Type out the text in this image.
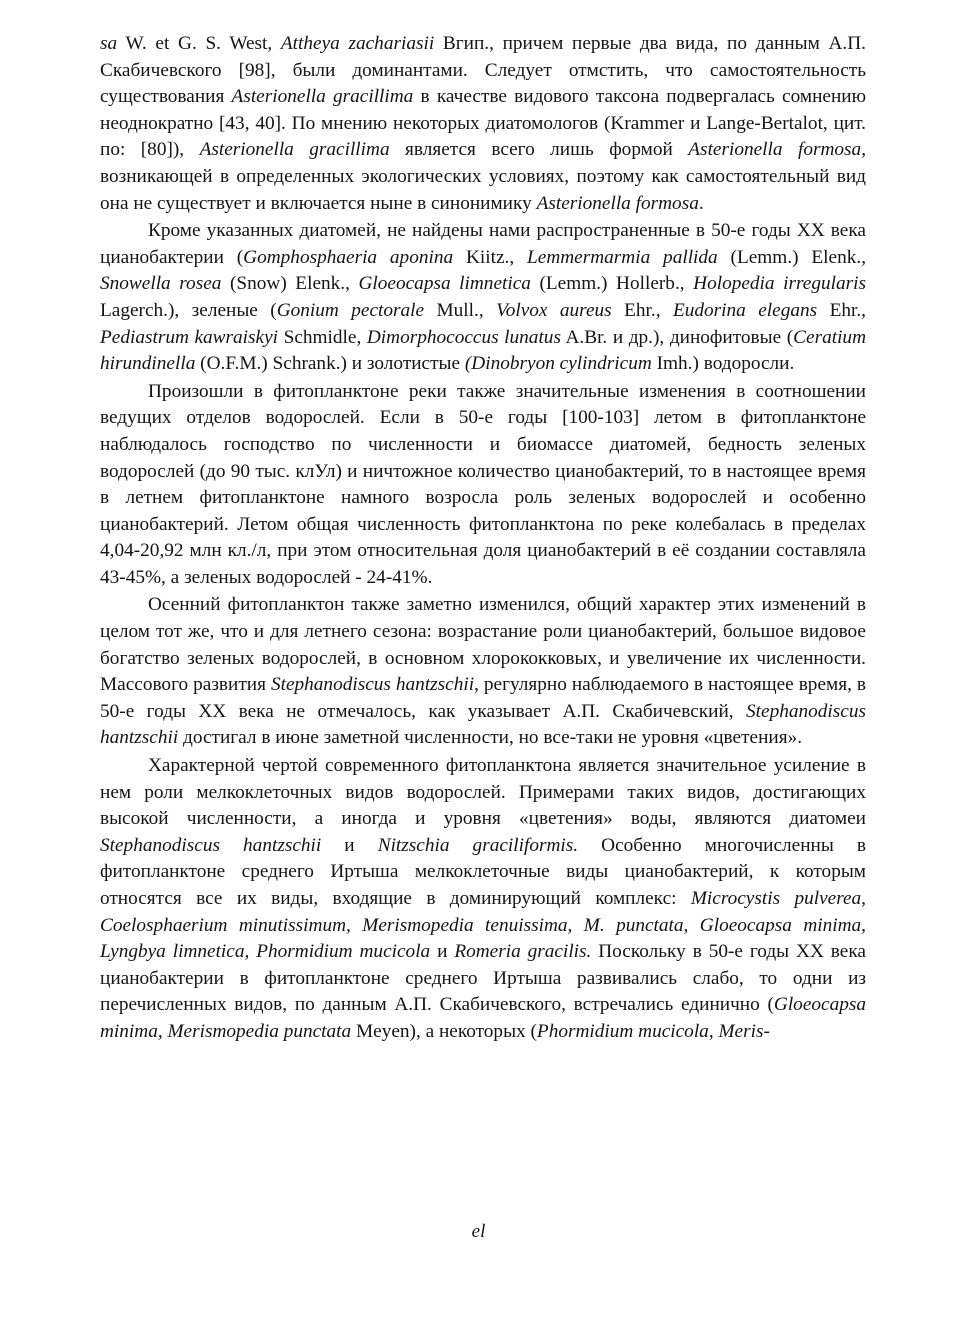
sa W. et G. S. West, Attheya zachariasii Вгип., причем первые два вида, по данным А.П. Скабичевского [98], были доминантами. Следует отмстить, что самостоятельность существования Asterionella gracillima в качестве видового таксона подвергалась сомнению неоднократно [43, 40]. По мнению некоторых диатомологов (Krammer и Lange-Bertalot, цит. по: [80]), Asterionella gracillima является всего лишь формой Asterionella formosa, возникающей в определенных экологических условиях, поэтому как самостоятельный вид она не существует и включается ныне в синонимику Asterionella formosa.

Кроме указанных диатомей, не найдены нами распространенные в 50-е годы XX века цианобактерии (Gomphosphaeria aponina Kiitz., Lemmermarmia pallida (Lemm.) Elenk., Snowella rosea (Snow) Elenk., Gloeocapsa limnetica (Lemm.) Hollerb., Holopedia irregularis Lagerch.), зеленые (Gonium pectorale Mull., Volvox aureus Ehr., Eudorina elegans Ehr., Pediastrum kawraiskyi Schmidle, Dimorphococcus lunatus A.Br. и др.), динофитовые (Ceratium hirundinella (O.F.M.) Schrank.) и золотистые (Dinobryon cylindricum Imh.) водоросли.

Произошли в фитопланктоне реки также значительные изменения в соотношении ведущих отделов водорослей. Если в 50-е годы [100-103] летом в фитопланктоне наблюдалось господство по численности и биомассе диатомей, бедность зеленых водорослей (до 90 тыс. клУл) и ничтожное количество цианобактерий, то в настоящее время в летнем фитопланктоне намного возросла роль зеленых водорослей и особенно цианобактерий. Летом общая численность фитопланктона по реке колебалась в пределах 4,04-20,92 млн кл./л, при этом относительная доля цианобактерий в её создании составляла 43-45%, а зеленых водорослей - 24-41%.

Осенний фитопланктон также заметно изменился, общий характер этих изменений в целом тот же, что и для летнего сезона: возрастание роли цианобактерий, большое видовое богатство зеленых водорослей, в основном хлорококковых, и увеличение их численности. Массового развития Stephanodiscus hantzschii, регулярно наблюдаемого в настоящее время, в 50-е годы XX века не отмечалось, как указывает А.П. Скабичевский, Stephanodiscus hantzschii достигал в июне заметной численности, но все-таки не уровня «цветения».

Характерной чертой современного фитопланктона является значительное усиление в нем роли мелкоклеточных видов водорослей. Примерами таких видов, достигающих высокой численности, а иногда и уровня «цветения» воды, являются диатомеи Stephanodiscus hantzschii и Nitzschia graciliformis. Особенно многочисленны в фитопланктоне среднего Иртыша мелкоклеточные виды цианобактерий, к которым относятся все их виды, входящие в доминирующий комплекс: Microcystis pulverea, Coelosphaerium minutissimum, Merismopedia tenuissima, M. punctata, Gloeocapsa minima, Lyngbya limnetica, Phormidium mucicola и Romeria gracilis. Поскольку в 50-е годы XX века цианобактерии в фитопланктоне среднего Иртыша развивались слабо, то одни из перечисленных видов, по данным А.П. Скабичевского, встречались единично (Gloeocapsa minima, Merismopedia punctata Meyen), а некоторых (Phormidium mucicola, Meris-

el
